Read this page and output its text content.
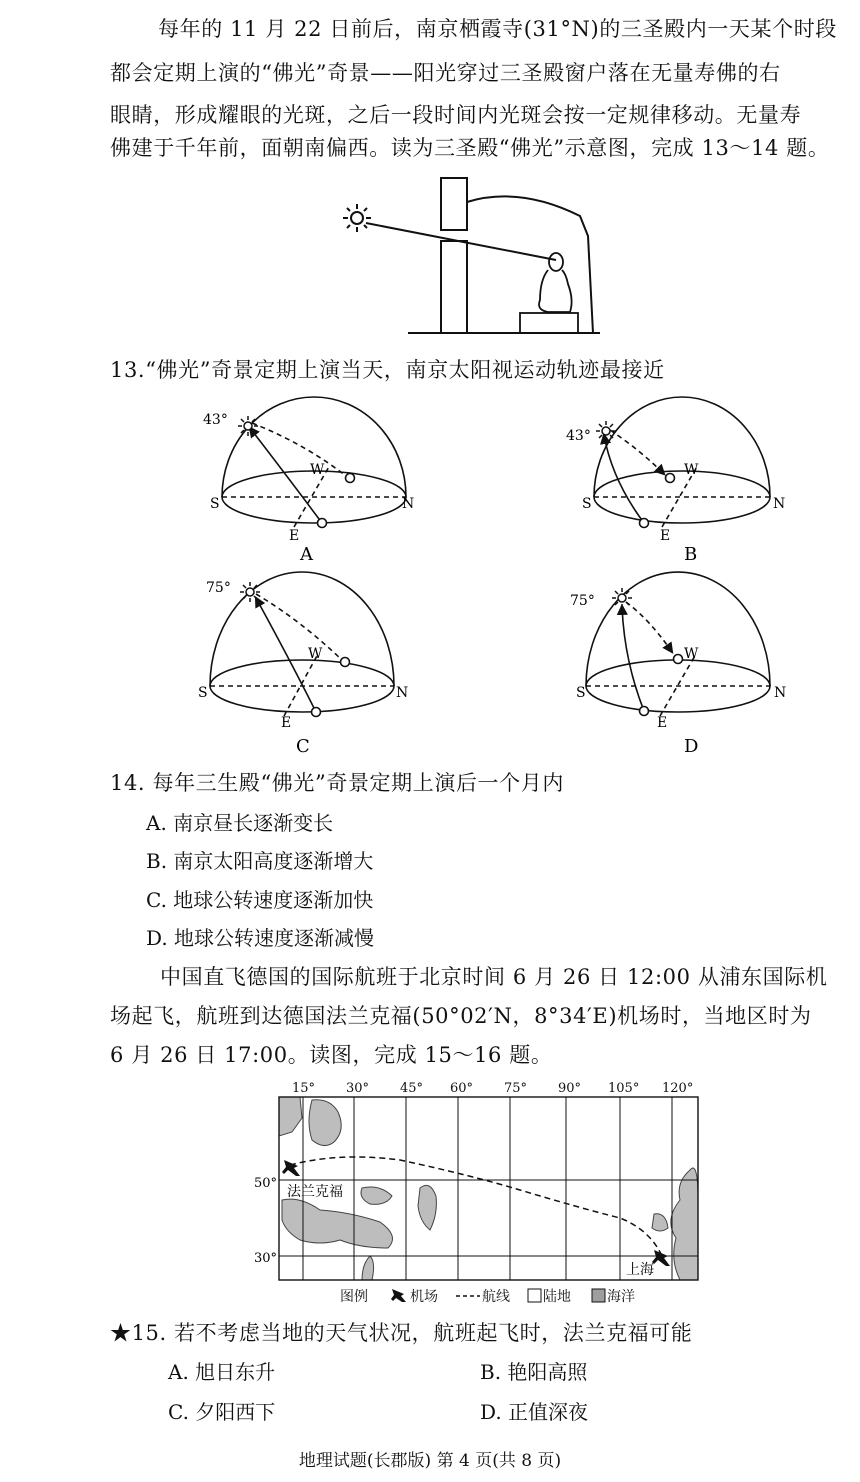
每年的 11 月 22 日前后，南京栖霞寺(31°N)的三圣殿内一天某个时段
都会定期上演的“佛光”奇景——阳光穿过三圣殿窗户落在无量寿佛的右
眼睛，形成耀眼的光斑，之后一段时间内光斑会按一定规律移动。无量寿
佛建于千年前，面朝南偏西。读为三圣殿“佛光”示意图，完成 13～14 题。
13.“佛光”奇景定期上演当天，南京太阳视运动轨迹最接近
43°
S	N
W
E
A
43°
S	N
W
E
B
75°
S	N
W
E
C
75°
S	N
W
E
D
14. 每年三生殿“佛光”奇景定期上演后一个月内
A. 南京昼长逐渐变长
B. 南京太阳高度逐渐增大
C. 地球公转速度逐渐加快
D. 地球公转速度逐渐减慢
中国直飞德国的国际航班于北京时间 6 月 26 日 12:00 从浦东国际机
场起飞，航班到达德国法兰克福(50°02′N，8°34′E)机场时，当地区时为
6 月 26 日 17:00。读图，完成 15～16 题。
15° 30° 45° 60° 75° 90° 105° 120°
50°
30°
法兰克福
上海
图例	机场	航线 陆地	海洋
★15. 若不考虑当地的天气状况，航班起飞时，法兰克福可能
A. 旭日东升	B. 艳阳高照
C. 夕阳西下	D. 正值深夜
地理试题(长郡版) 第 4 页(共 8 页)
